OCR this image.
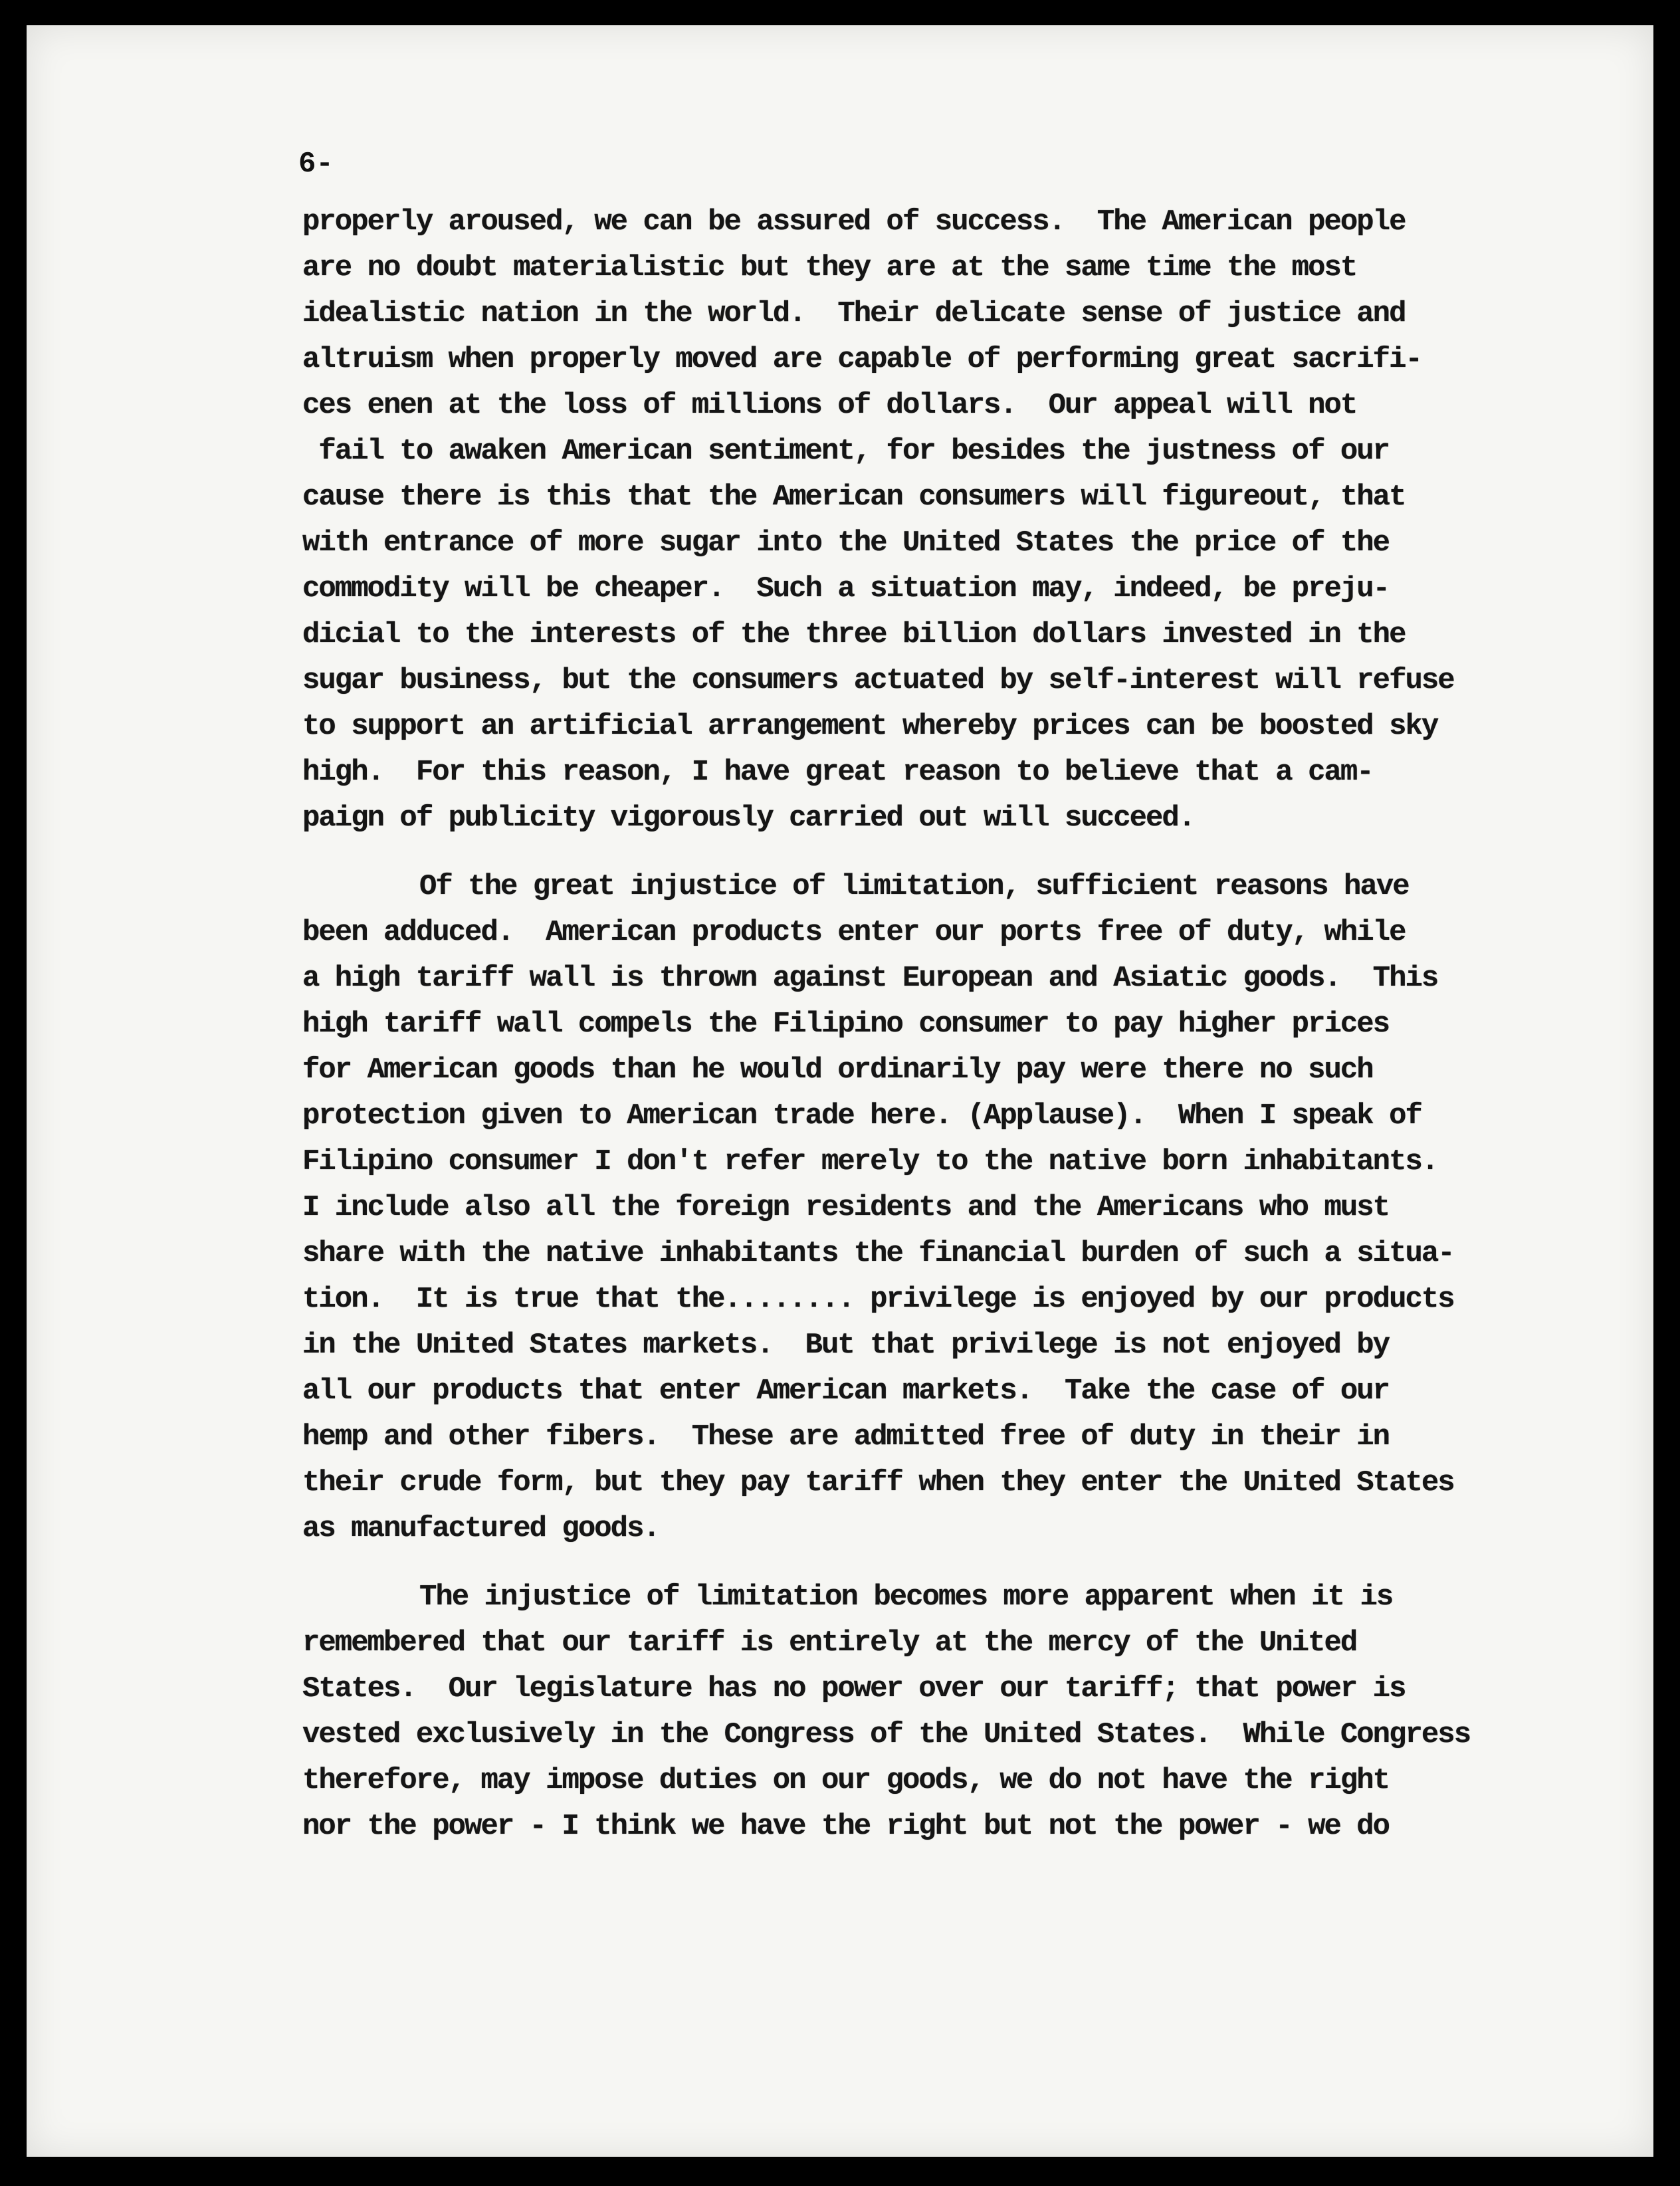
6-
properly aroused, we can be assured of success.  The American people
are no doubt materialistic but they are at the same time the most
idealistic nation in the world.  Their delicate sense of justice and
altruism when properly moved are capable of performing great sacrifi-
ces enen at the loss of millions of dollars.  Our appeal will not
fail to awaken American sentiment, for besides the justness of our
cause there is this that the American consumers will figureout, that
with entrance of more sugar into the United States the price of the
commodity will be cheaper.  Such a situation may, indeed, be preju-
dicial to the interests of the three billion dollars invested in the
sugar business, but the consumers actuated by self-interest will refuse
to support an artificial arrangement whereby prices can be boosted sky
high.  For this reason, I have great reason to believe that a cam-
paign of publicity vigorously carried out will succeed.
Of the great injustice of limitation, sufficient reasons have
been adduced.  American products enter our ports free of duty, while
a high tariff wall is thrown against European and Asiatic goods.  This
high tariff wall compels the Filipino consumer to pay higher prices
for American goods than he would ordinarily pay were there no such
protection given to American trade here. (Applause).  When I speak of
Filipino consumer I don't refer merely to the native born inhabitants.
I include also all the foreign residents and the Americans who must
share with the native inhabitants the financial burden of such a situa-
tion.  It is true that the........ privilege is enjoyed by our products
in the United States markets.  But that privilege is not enjoyed by
all our products that enter American markets.  Take the case of our
hemp and other fibers.  These are admitted free of duty in their in
their crude form, but they pay tariff when they enter the United States
as manufactured goods.
The injustice of limitation becomes more apparent when it is
remembered that our tariff is entirely at the mercy of the United
States.  Our legislature has no power over our tariff; that power is
vested exclusively in the Congress of the United States.  While Congress
therefore, may impose duties on our goods, we do not have the right
nor the power - I think we have the right but not the power - we do
